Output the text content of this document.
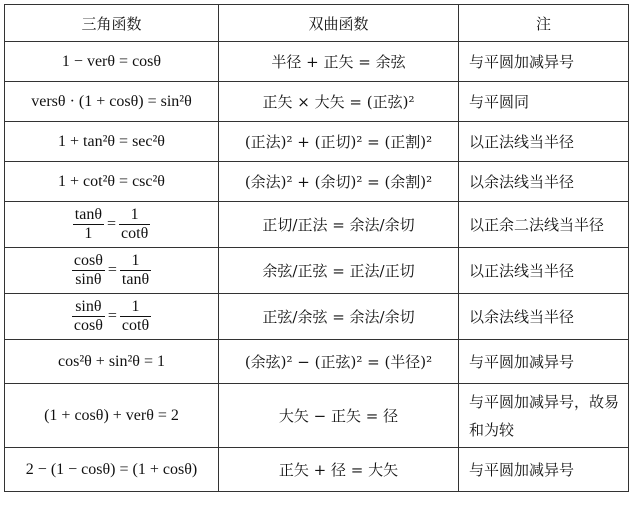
三角函数	双曲函数	注
1 − verθ = cosθ	半径 + 正矢 = 余弦	与平圆加减异号
versθ · (1 + cosθ) = sin²θ	正矢 × 大矢 = (正弦)²	与平圆同
1 + tan²θ = sec²θ	(正法)² + (正切)² = (正割)²	以正法线当半径
1 + cot²θ = csc²θ	(余法)² + (余切)² = (余割)²	以余法线当半径

$\frac{\tan\theta}{1} = \frac{1}{\cot\theta}$	正切/正法 = 余法/余切	以正余二法线当半径

$\frac{\cos\theta}{\sin\theta} = \frac{1}{\tan\theta}$	余弦/正弦 = 正法/正切	以正法线当半径

$\frac{\sin\theta}{\cos\theta} = \frac{1}{\cot\theta}$	正弦/余弦 = 余法/余切	以余法线当半径
cos²θ + sin²θ = 1	(余弦)² − (正弦)² = (半径)²	与平圆加减异号
(1 + cosθ) + verθ = 2	大矢 − 正矢 = 径	与平圆加减异号，故易和为较

2 − (1 − cosθ) = (1 + cosθ)	正矢 + 径 = 大矢	与平圆加减异号
